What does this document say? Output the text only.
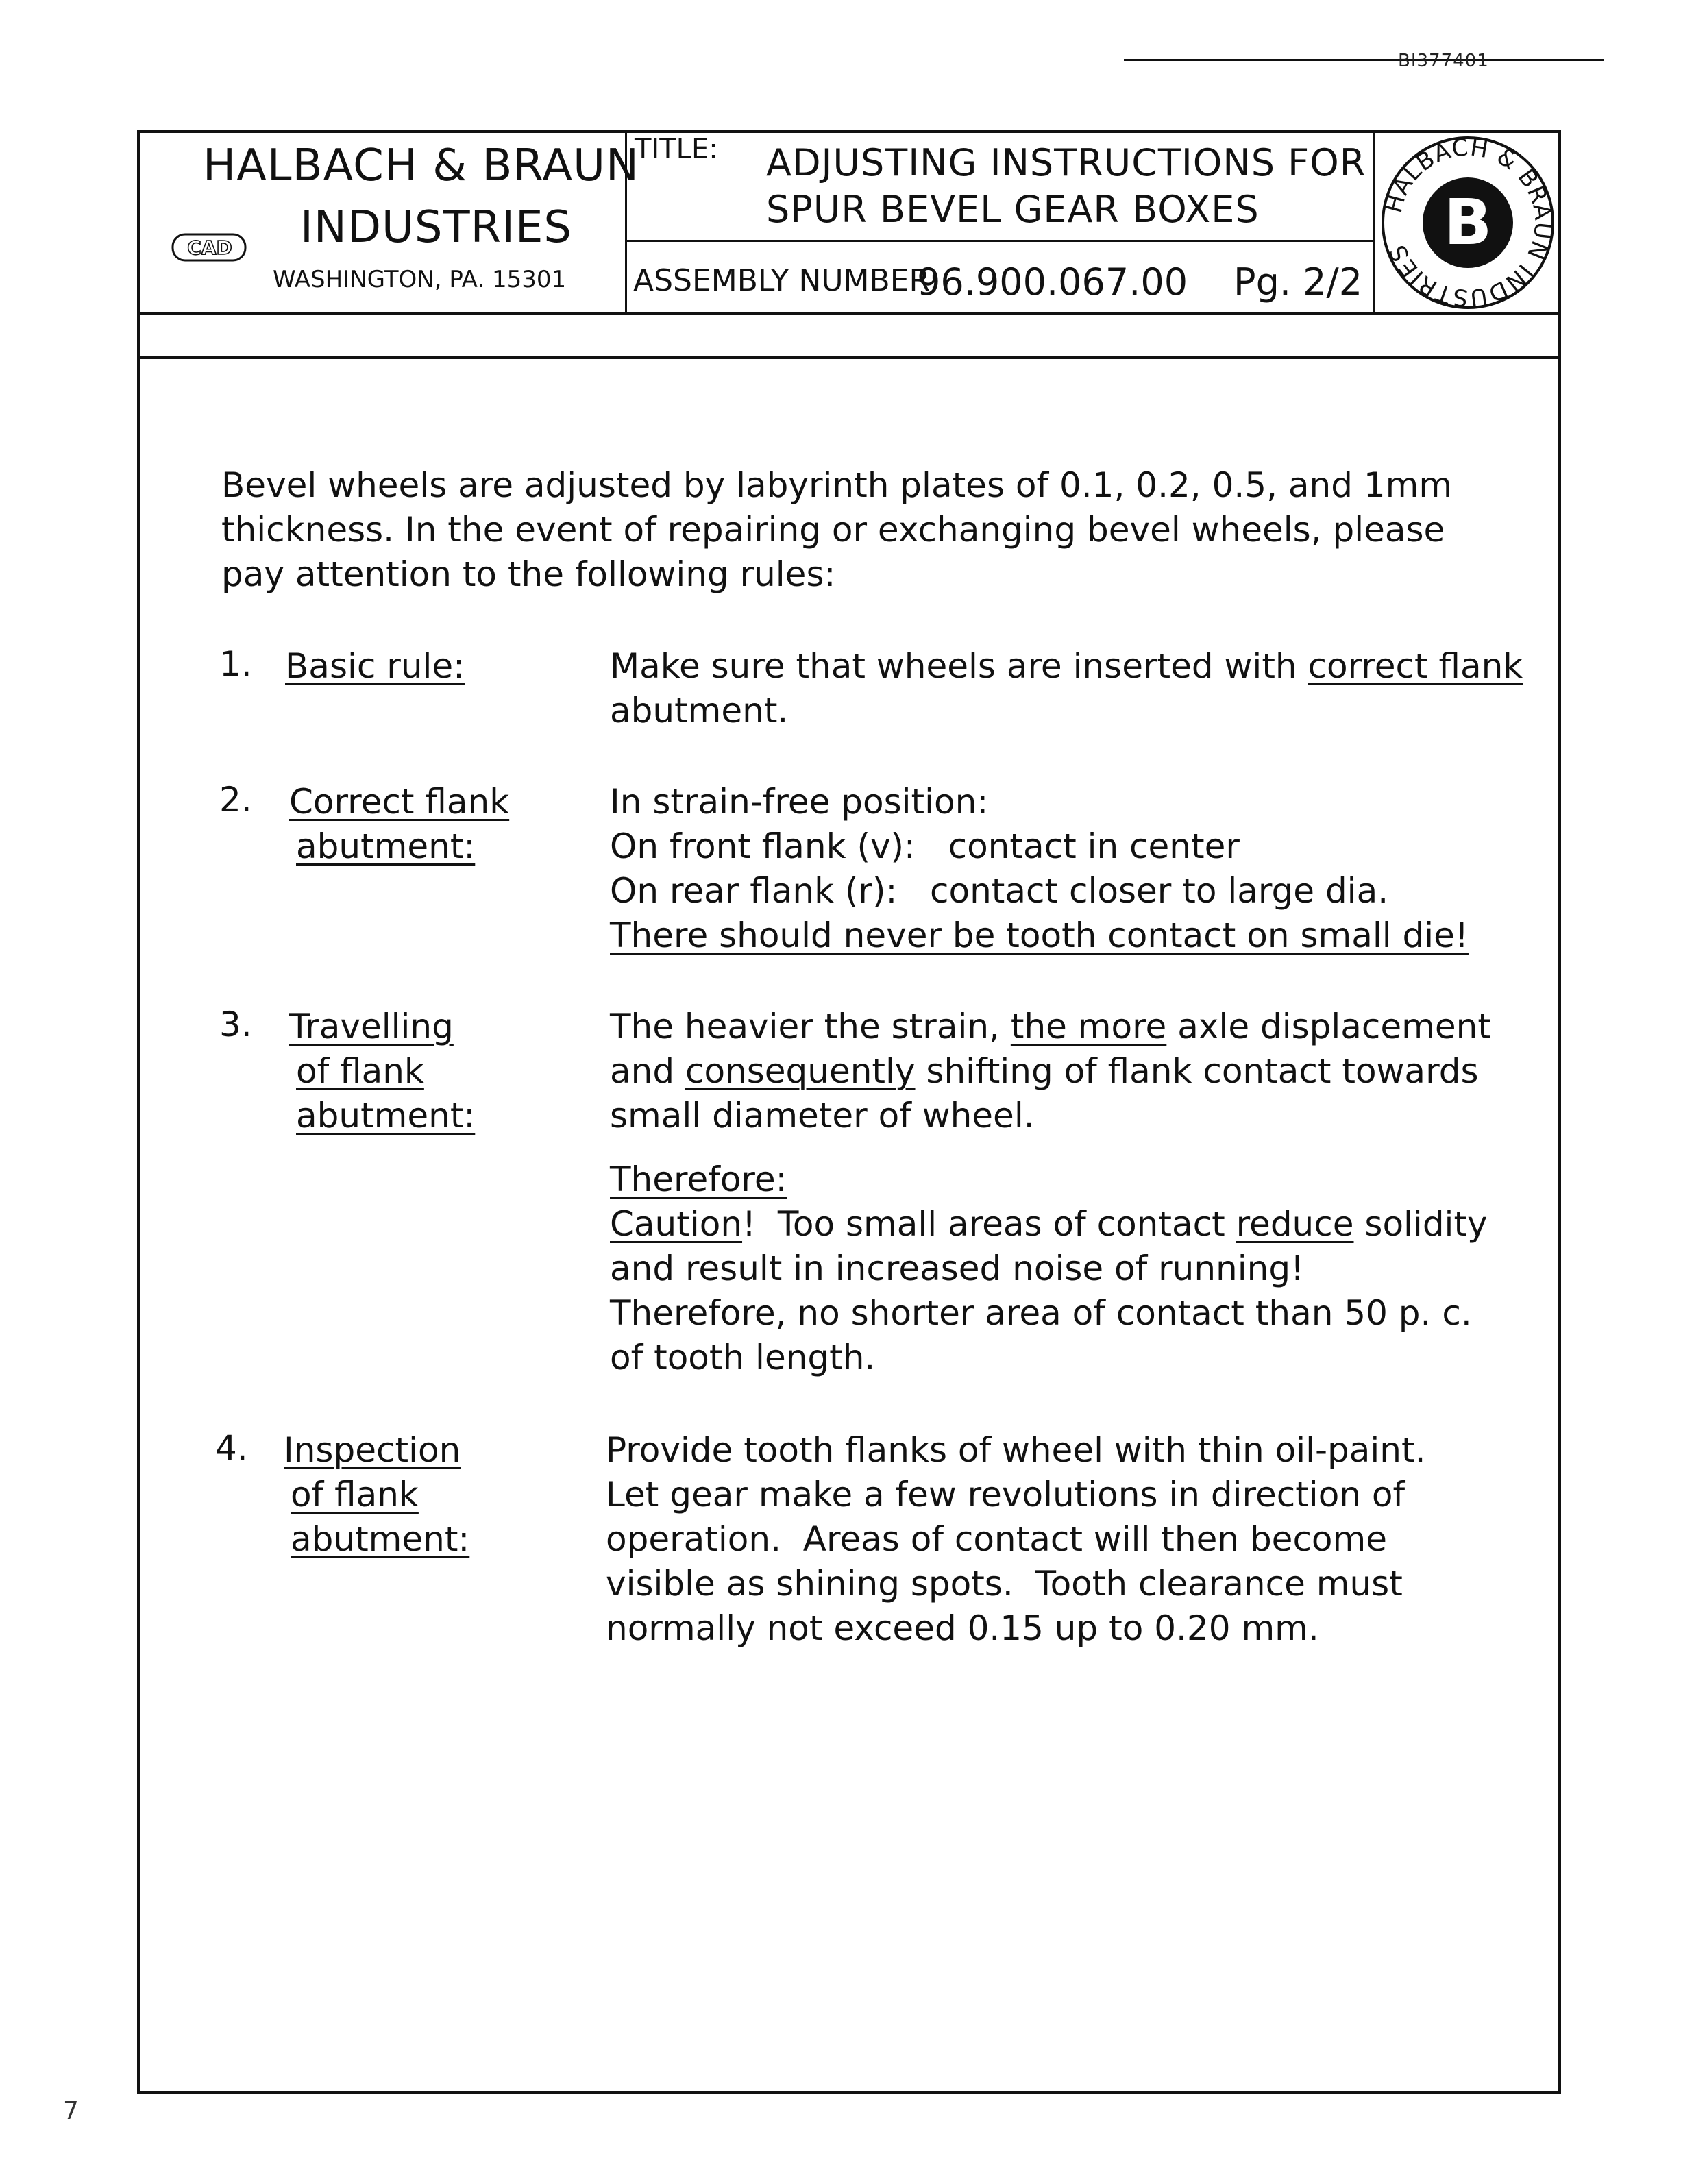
BI377401
HALBACH & BRAUN
INDUSTRIES
CAD
WASHINGTON, PA. 15301
TITLE: ADJUSTING INSTRUCTIONS FOR
SPUR BEVEL GEAR BOXES
ASSEMBLY NUMBER:
96.900.067.00 Pg. 2/2
HALBACH & BRAUN INDUSTRIES B
Bevel wheels are adjusted by labyrinth plates of 0.1, 0.2, 0.5, and 1mm
thickness. In the event of repairing or exchanging bevel wheels, please
pay attention to the following rules:
1. Basic rule:	Make sure that wheels are inserted with correct flank
abutment.
2. Correct flank
abutment:
In strain-free position:
On front flank (v):   contact in center
On rear flank (r):   contact closer to large dia.
There should never be tooth contact on small die!
3. Travelling
of flank
abutment:
The heavier the strain, the more axle displacement
and consequently shifting of flank contact towards
small diameter of wheel.
Therefore:
Caution!  Too small areas of contact reduce solidity
and result in increased noise of running!
Therefore, no shorter area of contact than 50 p. c.
of tooth length.
4. Inspection
of flank
abutment:
Provide tooth flanks of wheel with thin oil-paint.
Let gear make a few revolutions in direction of
operation.  Areas of contact will then become
visible as shining spots.  Tooth clearance must
normally not exceed 0.15 up to 0.20 mm.
7
